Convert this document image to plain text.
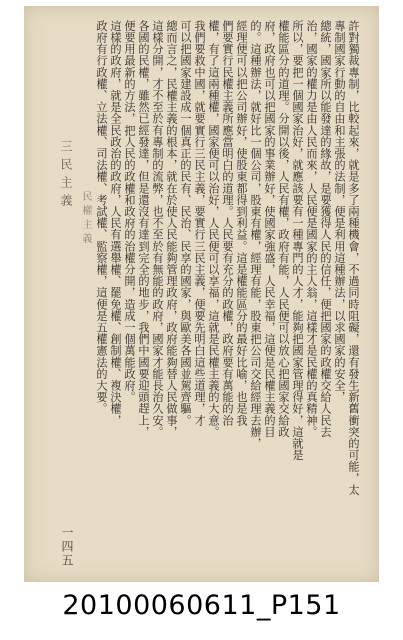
三民主義
民權主義
一四五
許對獨裁專制，比較起來，就是多了兩種機會，不過同時阻礙，還有發生新舊衝突的可能，太
專制國家行動的自由和主張的法制，便是利用這種辦法，以求國家的安全，
總統，國家所以能發達的緣故，是要獲得人民的信任，便把國家的政權交給人民去
治，國家的權力是由人民而來，人民便是國家的主人翁，這樣才是民權的真精神。
所以，要把一個國家治好，就應該要有一種專門的人才，能夠把國家管理得好，這就是
權能區分的道理。分開以後，人民有權，政府有能，人民便可以放心把國家交給政
府，政府也可以把國家的事業辦好，使國家強盛，人民幸福，這便是民權主義的目
的。這種辦法，就好比一個公司，股東有權，經理有能，股東把公司交給經理去辦，
經理便可以把公司辦好，使股東都得到利益。這是權能區分的最好比喻，也是我
們要實行民權主義所應當明白的道理。人民要有充分的政權，政府要有萬能的治
權，有了這兩種權，國家便可以治好，人民便可以享福，這就是民權主義的大意。
我們要救中國，就要實行三民主義，要實行三民主義，便要先明白這些道理，才
可以把國家建設成一個真正的民有、民治、民享的國家，與歐美各國並駕齊驅。
總而言之，民權主義的根本，就在於使人民能夠管理政府，政府能夠替人民做事，
這樣分開，才不至於有專制的流弊，也不至於有無能的政府，國家才能長治久安。
各國的民權，雖然已經發達，但是還沒有達到完全的地步，我們中國要迎頭趕上，
便要用最新的方法，把人民的政權和政府的治權分開，造成一個萬能政府。
這樣的政府，就是全民政治的政府，人民有選舉權、罷免權、創制權、複決權，
政府有行政權、立法權、司法權、考試權、監察權，這便是五權憲法的大要。
20100060611_P151
